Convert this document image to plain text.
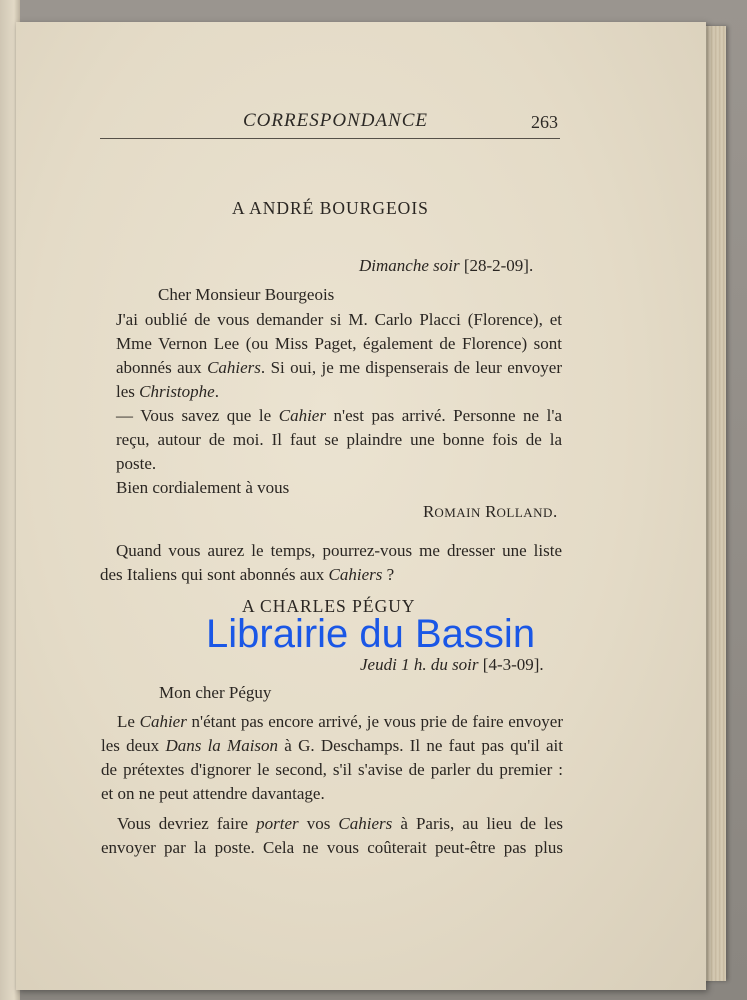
CORRESPONDANCE	263
A ANDRÉ BOURGEOIS
Dimanche soir [28-2-09].
Cher Monsieur Bourgeois
J'ai oublié de vous demander si M. Carlo Placci (Florence), et
Mme Vernon Lee (ou Miss Paget, également de Florence) sont
abonnés aux Cahiers. Si oui, je me dispenserais de leur envoyer
les Christophe.
— Vous savez que le Cahier n'est pas arrivé. Personne ne l'a
reçu, autour de moi. Il faut se plaindre une bonne fois de la
poste.
Bien cordialement à vous
ROMAIN ROLLAND.
Quand vous aurez le temps, pourrez-vous me dresser une liste
des Italiens qui sont abonnés aux Cahiers ?
A CHARLES PÉGUY
Jeudi 1 h. du soir [4-3-09].
Mon cher Péguy
Le Cahier n'étant pas encore arrivé, je vous prie de faire envoyer
les deux Dans la Maison à G. Deschamps. Il ne faut pas qu'il ait
de prétextes d'ignorer le second, s'il s'avise de parler du premier :
et on ne peut attendre davantage.
Vous devriez faire porter vos Cahiers à Paris, au lieu de les
envoyer par la poste. Cela ne vous coûterait peut-être pas plus
Librairie du Bassin
